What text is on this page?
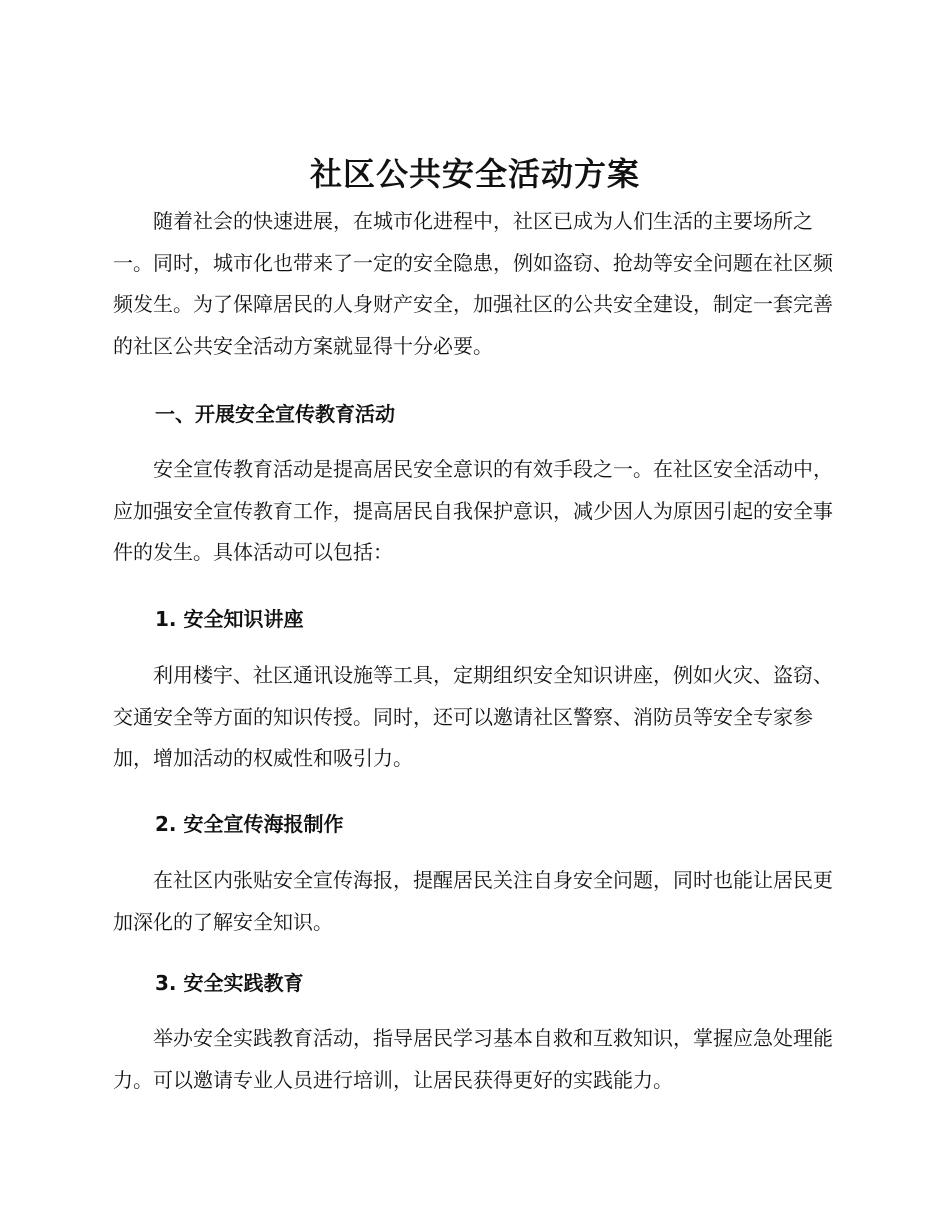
社区公共安全活动方案

随着社会的快速进展，在城市化进程中，社区已成为人们生活的主要场所之一。同时，城市化也带来了一定的安全隐患，例如盗窃、抢劫等安全问题在社区频频发生。为了保障居民的人身财产安全，加强社区的公共安全建设，制定一套完善的社区公共安全活动方案就显得十分必要。

一、开展安全宣传教育活动

安全宣传教育活动是提高居民安全意识的有效手段之一。在社区安全活动中，应加强安全宣传教育工作，提高居民自我保护意识，减少因人为原因引起的安全事件的发生。具体活动可以包括：

1. 安全知识讲座

利用楼宇、社区通讯设施等工具，定期组织安全知识讲座，例如火灾、盗窃、交通安全等方面的知识传授。同时，还可以邀请社区警察、消防员等安全专家参加，增加活动的权威性和吸引力。

2. 安全宣传海报制作

在社区内张贴安全宣传海报，提醒居民关注自身安全问题，同时也能让居民更加深化的了解安全知识。

3. 安全实践教育

举办安全实践教育活动，指导居民学习基本自救和互救知识，掌握应急处理能力。可以邀请专业人员进行培训，让居民获得更好的实践能力。
